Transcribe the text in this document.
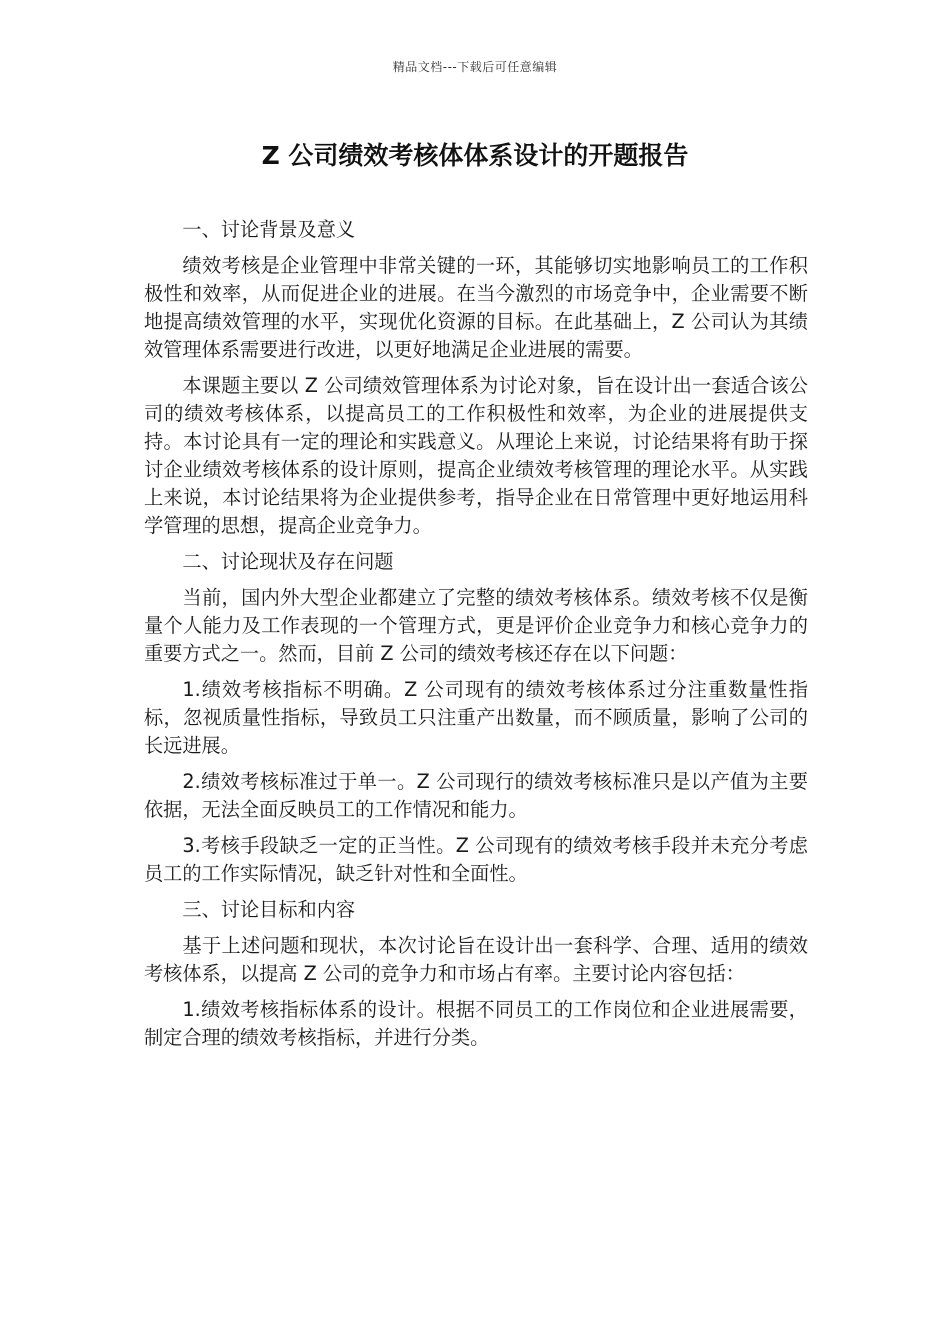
精品文档---下载后可任意编辑
Z 公司绩效考核体体系设计的开题报告

一、讨论背景及意义

绩效考核是企业管理中非常关键的一环，其能够切实地影响员工的工作积极性和效率，从而促进企业的进展。在当今激烈的市场竞争中，企业需要不断地提高绩效管理的水平，实现优化资源的目标。在此基础上，Z 公司认为其绩效管理体系需要进行改进，以更好地满足企业进展的需要。

本课题主要以 Z 公司绩效管理体系为讨论对象，旨在设计出一套适合该公司的绩效考核体系，以提高员工的工作积极性和效率，为企业的进展提供支持。本讨论具有一定的理论和实践意义。从理论上来说，讨论结果将有助于探讨企业绩效考核体系的设计原则，提高企业绩效考核管理的理论水平。从实践上来说，本讨论结果将为企业提供参考，指导企业在日常管理中更好地运用科学管理的思想，提高企业竞争力。

二、讨论现状及存在问题

当前，国内外大型企业都建立了完整的绩效考核体系。绩效考核不仅是衡量个人能力及工作表现的一个管理方式，更是评价企业竞争力和核心竞争力的重要方式之一。然而，目前 Z 公司的绩效考核还存在以下问题：

1.绩效考核指标不明确。Z 公司现有的绩效考核体系过分注重数量性指标，忽视质量性指标，导致员工只注重产出数量，而不顾质量，影响了公司的长远进展。

2.绩效考核标准过于单一。Z 公司现行的绩效考核标准只是以产值为主要依据，无法全面反映员工的工作情况和能力。

3.考核手段缺乏一定的正当性。Z 公司现有的绩效考核手段并未充分考虑员工的工作实际情况，缺乏针对性和全面性。

三、讨论目标和内容

基于上述问题和现状，本次讨论旨在设计出一套科学、合理、适用的绩效考核体系，以提高 Z 公司的竞争力和市场占有率。主要讨论内容包括：

1.绩效考核指标体系的设计。根据不同员工的工作岗位和企业进展需要，制定合理的绩效考核指标，并进行分类。
